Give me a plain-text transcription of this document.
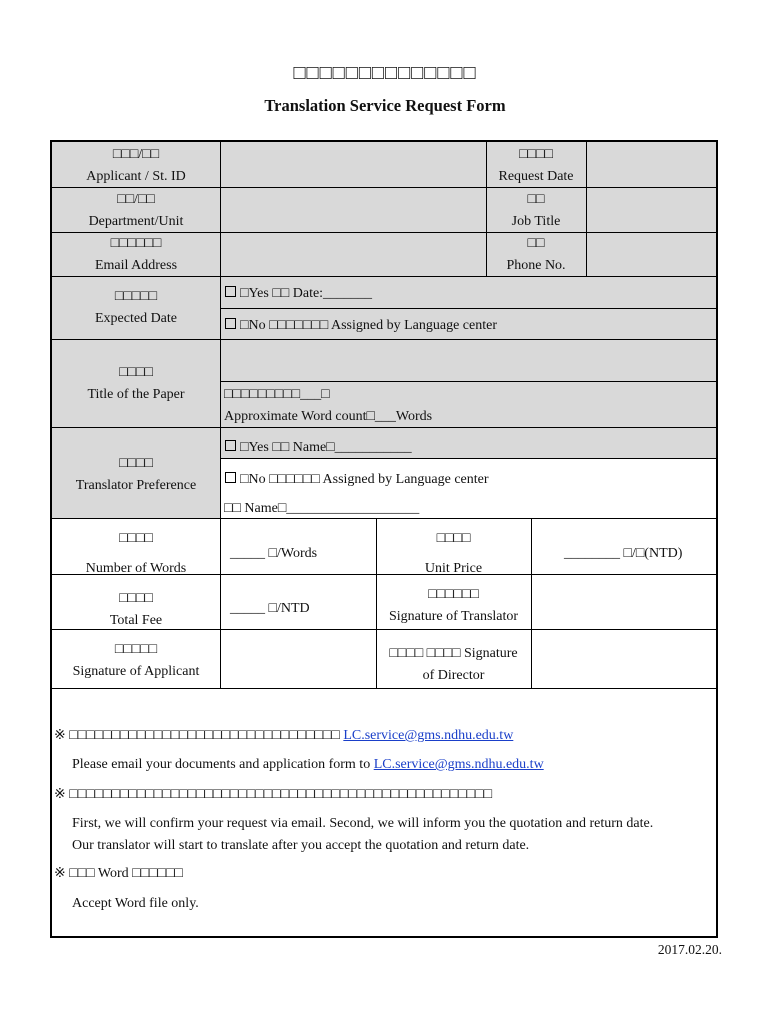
□□□□□□□□□□□□□□
Translation Service Request Form
□□□/□□
Applicant / St. ID
□□□□
Request Date
□□/□□
Department/Unit
□□
Job Title
□□□□□□
Email Address
□□
Phone No.
□□□□□
Expected Date
□Yes □□ Date:_______
□No □□□□□□□ Assigned by Language center
□□□□
Title of the Paper	□□□□□□□□□___□
Approximate Word count□___Words
□□□□
Translator Preference
□Yes □□ Name□___________
□No □□□□□□ Assigned by Language center
□□ Name□___________________
□□□□
Number of Words
_____ □/Words
□□□□
Unit Price
________ □/□(NTD)
□□□□
Total Fee
_____ □/NTD
□□□□□□
Signature of Translator
□□□□□
Signature of Applicant
□□□□ □□□□ Signature
of Director
※ □□□□□□□□□□□□□□□□□□□□□□□□□□□□□□□□ LC.service@gms.ndhu.edu.tw
Please email your documents and application form to LC.service@gms.ndhu.edu.tw
※ □□□□□□□□□□□□□□□□□□□□□□□□□□□□□□□□□□□□□□□□□□□□□□□□□□
First, we will confirm your request via email. Second, we will inform you the quotation and return date.
Our translator will start to translate after you accept the quotation and return date.
※ □□□ Word □□□□□□
Accept Word file only.
2017.02.20.
